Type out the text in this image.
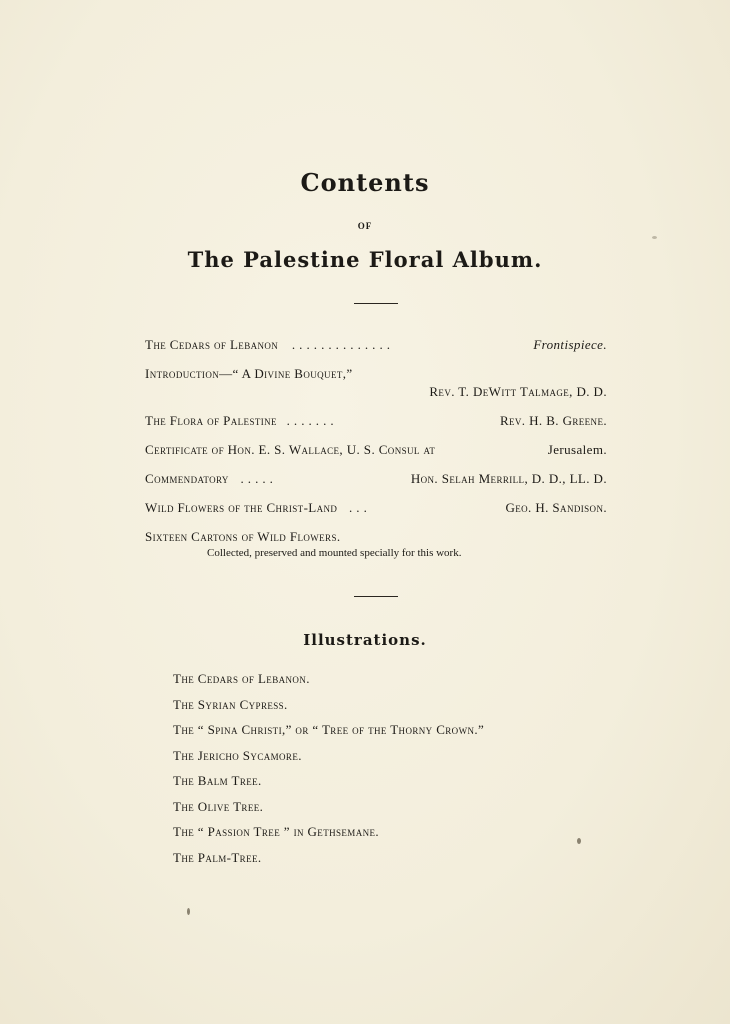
Contents
OF
The Palestine Floral Album.
The Cedars of Lebanon . . . . . . . . . . . . . .	Frontispiece.
Introduction—“ A Divine Bouquet,”
Rev. T. DeWitt Talmage, D. D.
The Flora of Palestine . . . . . . .	Rev. H. B. Greene.
Certificate of Hon. E. S. Wallace, U. S. Consul at	Jerusalem.
Commendatory . . . . .	Hon. Selah Merrill, D. D., LL. D.
Wild Flowers of the Christ-Land . . .	Geo. H. Sandison.
Sixteen Cartons of Wild Flowers.
Collected, preserved and mounted specially for this work.
Illustrations.
The Cedars of Lebanon.
The Syrian Cypress.
The “ Spina Christi,” or “ Tree of the Thorny Crown.”
The Jericho Sycamore.
The Balm Tree.
The Olive Tree.
The “ Passion Tree ” in Gethsemane.
The Palm-Tree.
